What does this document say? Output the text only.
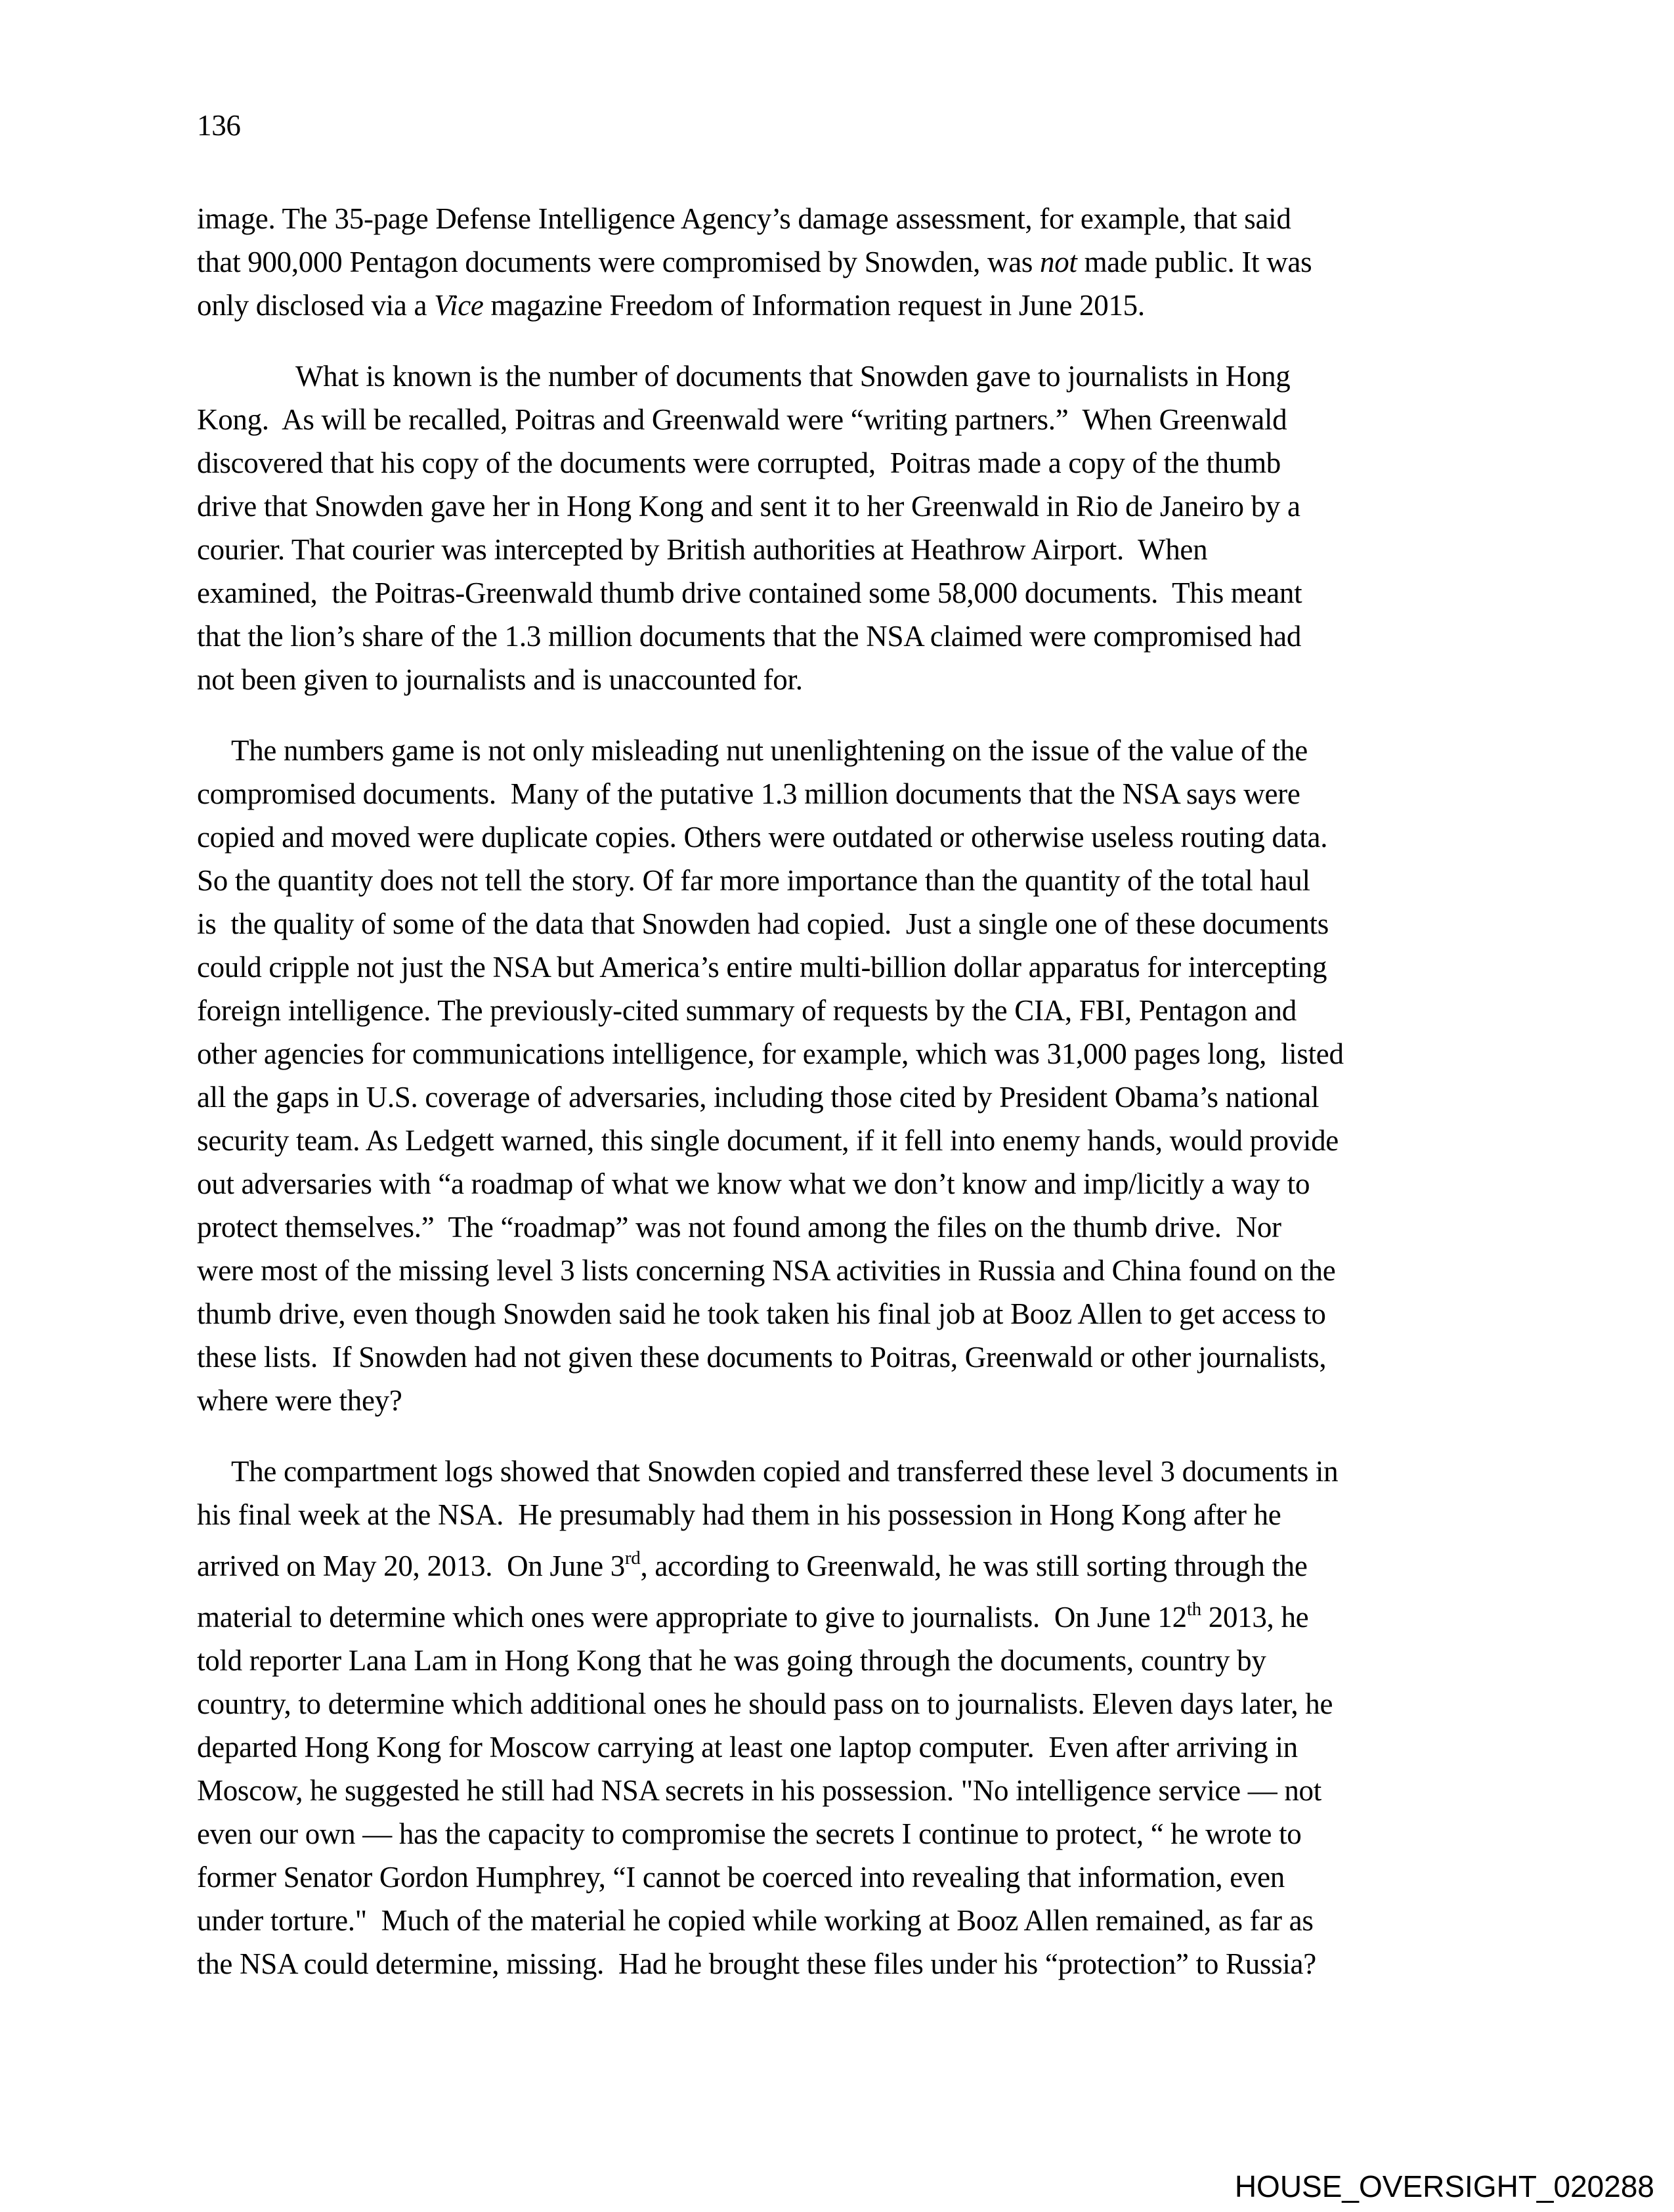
136
image. The 35-page Defense Intelligence Agency’s damage assessment, for example, that said
that 900,000 Pentagon documents were compromised by Snowden, was not made public. It was
only disclosed via a Vice magazine Freedom of Information request in June 2015.
What is known is the number of documents that Snowden gave to journalists in Hong
Kong.  As will be recalled, Poitras and Greenwald were “writing partners.”  When Greenwald
discovered that his copy of the documents were corrupted,  Poitras made a copy of the thumb
drive that Snowden gave her in Hong Kong and sent it to her Greenwald in Rio de Janeiro by a
courier. That courier was intercepted by British authorities at Heathrow Airport.  When
examined,  the Poitras-Greenwald thumb drive contained some 58,000 documents.  This meant
that the lion’s share of the 1.3 million documents that the NSA claimed were compromised had
not been given to journalists and is unaccounted for.
The numbers game is not only misleading nut unenlightening on the issue of the value of the
compromised documents.  Many of the putative 1.3 million documents that the NSA says were
copied and moved were duplicate copies. Others were outdated or otherwise useless routing data.
So the quantity does not tell the story. Of far more importance than the quantity of the total haul
is  the quality of some of the data that Snowden had copied.  Just a single one of these documents
could cripple not just the NSA but America’s entire multi-billion dollar apparatus for intercepting
foreign intelligence. The previously-cited summary of requests by the CIA, FBI, Pentagon and
other agencies for communications intelligence, for example, which was 31,000 pages long,  listed
all the gaps in U.S. coverage of adversaries, including those cited by President Obama’s national
security team. As Ledgett warned, this single document, if it fell into enemy hands, would provide
out adversaries with “a roadmap of what we know what we don’t know and imp/licitly a way to
protect themselves.”  The “roadmap” was not found among the files on the thumb drive.  Nor
were most of the missing level 3 lists concerning NSA activities in Russia and China found on the
thumb drive, even though Snowden said he took taken his final job at Booz Allen to get access to
these lists.  If Snowden had not given these documents to Poitras, Greenwald or other journalists,
where were they?
The compartment logs showed that Snowden copied and transferred these level 3 documents in
his final week at the NSA.  He presumably had them in his possession in Hong Kong after he
arrived on May 20, 2013.  On June 3rd, according to Greenwald, he was still sorting through the
material to determine which ones were appropriate to give to journalists.  On June 12th 2013, he
told reporter Lana Lam in Hong Kong that he was going through the documents, country by
country, to determine which additional ones he should pass on to journalists. Eleven days later, he
departed Hong Kong for Moscow carrying at least one laptop computer.  Even after arriving in
Moscow, he suggested he still had NSA secrets in his possession. "No intelligence service — not
even our own — has the capacity to compromise the secrets I continue to protect, “ he wrote to
former Senator Gordon Humphrey, “I cannot be coerced into revealing that information, even
under torture."  Much of the material he copied while working at Booz Allen remained, as far as
the NSA could determine, missing.  Had he brought these files under his “protection” to Russia?
HOUSE_OVERSIGHT_020288
